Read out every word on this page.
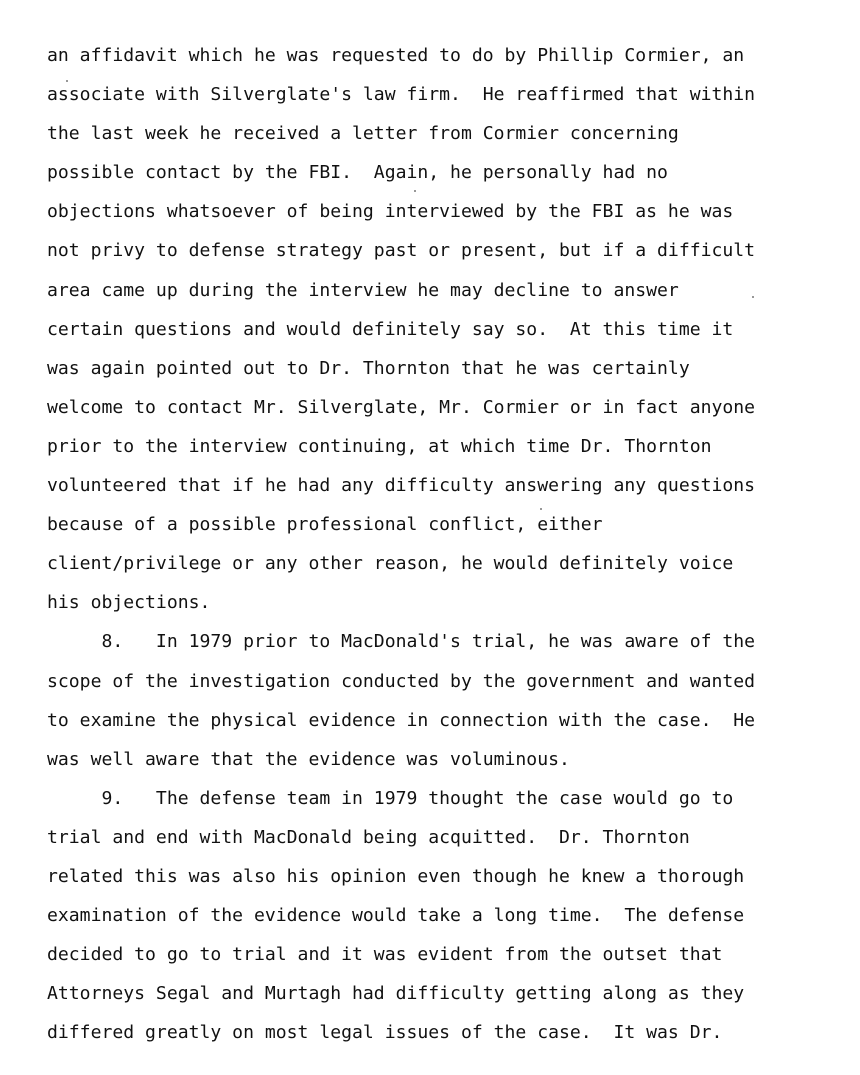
an affidavit which he was requested to do by Phillip Cormier, an
associate with Silverglate's law firm.  He reaffirmed that within
the last week he received a letter from Cormier concerning
possible contact by the FBI.  Again, he personally had no
objections whatsoever of being interviewed by the FBI as he was
not privy to defense strategy past or present, but if a difficult
area came up during the interview he may decline to answer
certain questions and would definitely say so.  At this time it
was again pointed out to Dr. Thornton that he was certainly
welcome to contact Mr. Silverglate, Mr. Cormier or in fact anyone
prior to the interview continuing, at which time Dr. Thornton
volunteered that if he had any difficulty answering any questions
because of a possible professional conflict, either
client/privilege or any other reason, he would definitely voice
his objections.
8.   In 1979 prior to MacDonald's trial, he was aware of the
scope of the investigation conducted by the government and wanted
to examine the physical evidence in connection with the case.  He
was well aware that the evidence was voluminous.
9.   The defense team in 1979 thought the case would go to
trial and end with MacDonald being acquitted.  Dr. Thornton
related this was also his opinion even though he knew a thorough
examination of the evidence would take a long time.  The defense
decided to go to trial and it was evident from the outset that
Attorneys Segal and Murtagh had difficulty getting along as they
differed greatly on most legal issues of the case.  It was Dr.
